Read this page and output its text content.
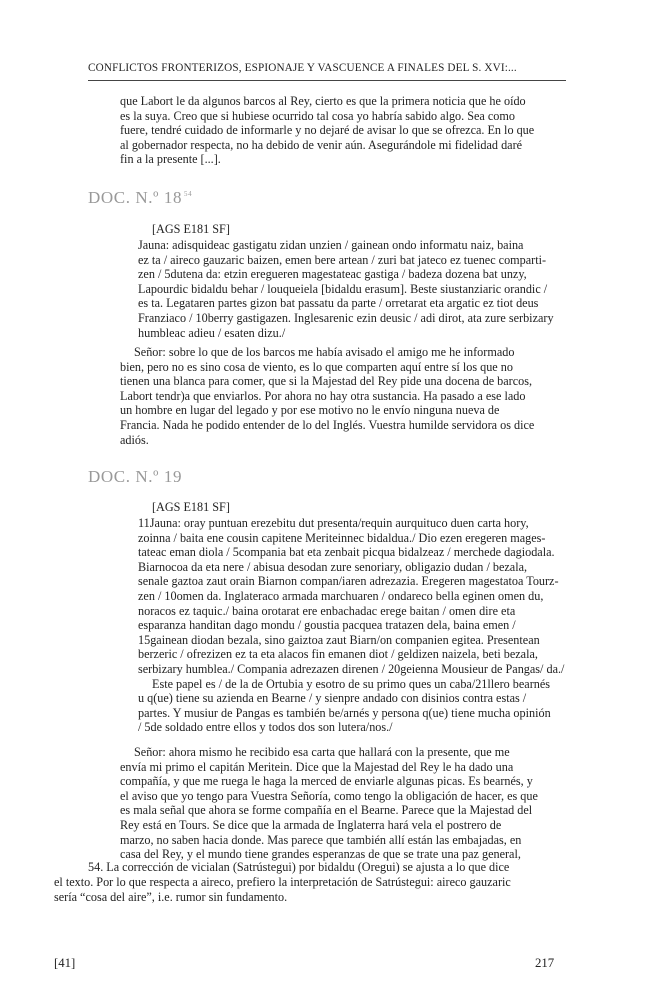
CONFLICTOS FRONTERIZOS, ESPIONAJE Y VASCUENCE A FINALES DEL S. XVI:...
que Labort le da algunos barcos al Rey, cierto es que la primera noticia que he oído
es la suya. Creo que si hubiese ocurrido tal cosa yo habría sabido algo. Sea como
fuere, tendré cuidado de informarle y no dejaré de avisar lo que se ofrezca. En lo que
al gobernador respecta, no ha debido de venir aún. Asegurándole mi fidelidad daré
fin a la presente [...].
DOC. N.º 18 $^{54}$
[AGS E181 SF]
Jauna: adisquideac gastigatu zidan unzien / gainean ondo informatu naiz, baina
ez ta / aireco gauzaric baizen, emen bere artean / zuri bat jateco ez tuenec comparti-
zen / 5dutena da: etzin eregueren magestateac gastiga / badeza dozena bat unzy,
Lapourdic bidaldu behar / louqueiela [bidaldu erasum]. Beste siustanziaric orandic /
es ta. Legataren partes gizon bat passatu da parte / orretarat eta argatic ez tiot deus
Franziaco / 10berry gastigazen. Inglesarenic ezin deusic / adi dirot, ata zure serbizary
humbleac adieu / esaten dizu./
Señor: sobre lo que de los barcos me había avisado el amigo me he informado
bien, pero no es sino cosa de viento, es lo que comparten aquí entre sí los que no
tienen una blanca para comer, que si la Majestad del Rey pide una docena de barcos,
Labort tendr)a que enviarlos. Por ahora no hay otra sustancia. Ha pasado a ese lado
un hombre en lugar del legado y por ese motivo no le envío ninguna nueva de
Francia. Nada he podido entender de lo del Inglés. Vuestra humilde servidora os dice
adiós.
DOC. N.º 19
[AGS E181 SF]
11Jauna: oray puntuan erezebitu dut presenta/requin aurquituco duen carta hory,
zoinna / baita ene cousin capitene Meriteinnec bidalduа./ Dio ezen eregeren mages-
tateac eman diola / 5compania bat eta zenbait picqua bidalzeaz / merchede dagiodala.
Biarnocoa da eta nere / abisua desodan zure senoriary, obligazio dudan / bezala,
senale gaztoa zaut orain Biarnon compan/iaren adrezazia. Eregeren magestatoa Tourz-
zen / 10omen da. Inglateraco armada marchuaren / ondareco bella eginen omen du,
noracos ez taquic./ baina orotarat ere enbachadac erege baitan / omen dire eta
esparanza handitan dago mondu / goustia pacquea tratazen dela, baina emen /
15gainean diodan bezala, sino gaiztoa zaut Biarn/on companien egitea. Presentean
berzeric / ofrezizen ez ta eta alacos fin emanen diot / geldizen naizela, beti bezala,
serbizary humblea./ Compania adrezazen direnen / 20geienna Mousieur de Pangas/ da./
Este papel es / de la de Ortubia y esotro de su primo ques un caba/21llero bearnés
u q(ue) tiene su azienda en Bearne / y sienpre andado con disinios contra estas /
partes. Y musiur de Pangas es también be/arnés y persona q(ue) tiene mucha opinión
/ 5de soldado entre ellos y todos dos son lutera/nos./
Señor: ahora mismo he recibido esa carta que hallará con la presente, que me
envía mi primo el capitán Meritein. Dice que la Majestad del Rey le ha dado una
compañía, y que me ruega le haga la merced de enviarle algunas picas. Es bearnés, y
el aviso que yo tengo para Vuestra Señoría, como tengo la obligación de hacer, es que
es mala señal que ahora se forme compañía en el Bearne. Parece que la Majestad del
Rey está en Tours. Se dice que la armada de Inglaterra hará vela el postrero de
marzo, no saben hacia donde. Mas parece que también allí están las embajadas, en
casa del Rey, y el mundo tiene grandes esperanzas de que se trate una paz general,
54. La corrección de vicialan (Satrústegui) por bidaldu (Oregui) se ajusta a lo que dice
el texto. Por lo que respecta a aireco, prefiero la interpretación de Satrústegui: aireco gauzaric
sería “cosa del aire”, i.e. rumor sin fundamento.
[41]	217
